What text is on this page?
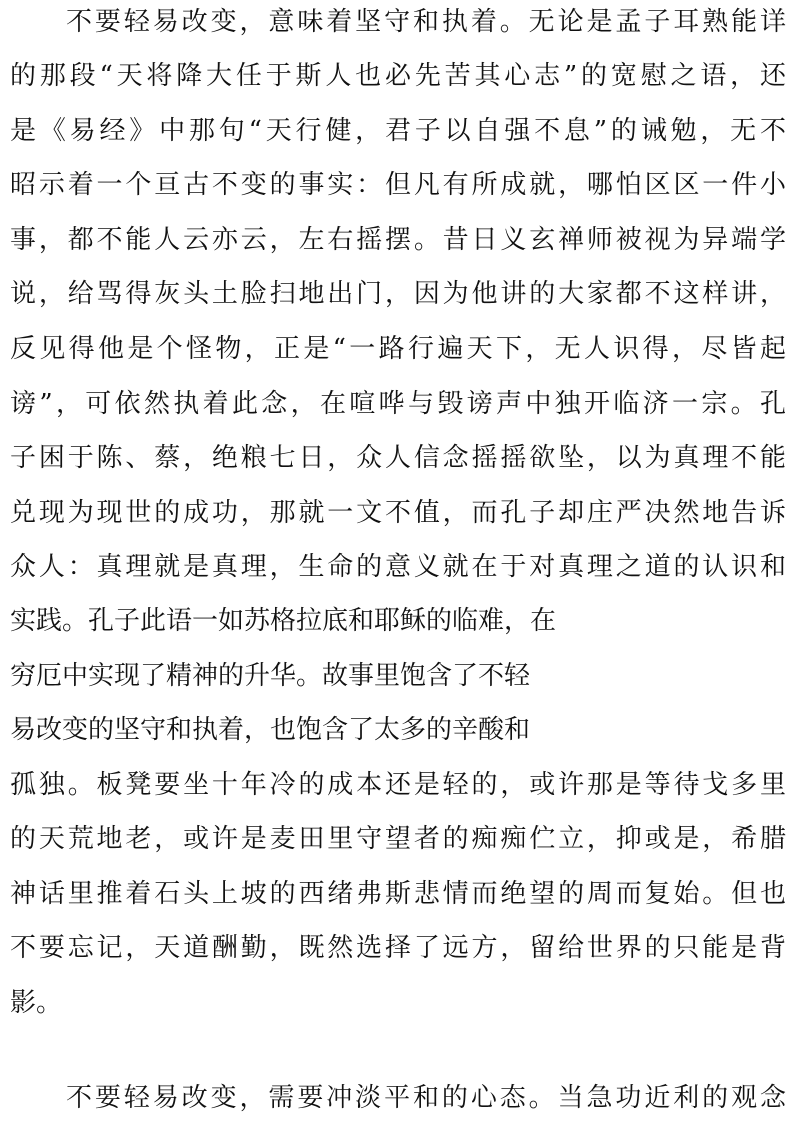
不要轻易改变，意味着坚守和执着。无论是孟子耳熟能详
的那段“天将降大任于斯人也必先苦其心志”的宽慰之语，还
是《易经》中那句“天行健，君子以自强不息”的诫勉，无不
昭示着一个亘古不变的事实：但凡有所成就，哪怕区区一件小
事，都不能人云亦云，左右摇摆。昔日义玄禅师被视为异端学
说，给骂得灰头土脸扫地出门，因为他讲的大家都不这样讲，
反见得他是个怪物，正是“一路行遍天下，无人识得，尽皆起
谤”，可依然执着此念，在喧哗与毁谤声中独开临济一宗。孔
子困于陈、蔡，绝粮七日，众人信念摇摇欲坠，以为真理不能
兑现为现世的成功，那就一文不值，而孔子却庄严决然地告诉
众人：真理就是真理，生命的意义就在于对真理之道的认识和
实践。孔子此语一如苏格拉底和耶稣的临难，在
穷厄中实现了精神的升华。故事里饱含了不轻
易改变的坚守和执着，也饱含了太多的辛酸和
孤独。板凳要坐十年冷的成本还是轻的，或许那是等待戈多里
的天荒地老，或许是麦田里守望者的痴痴伫立，抑或是，希腊
神话里推着石头上坡的西绪弗斯悲情而绝望的周而复始。但也
不要忘记，天道酬勤，既然选择了远方，留给世界的只能是背
影。
不要轻易改变，需要冲淡平和的心态。当急功近利的观念
